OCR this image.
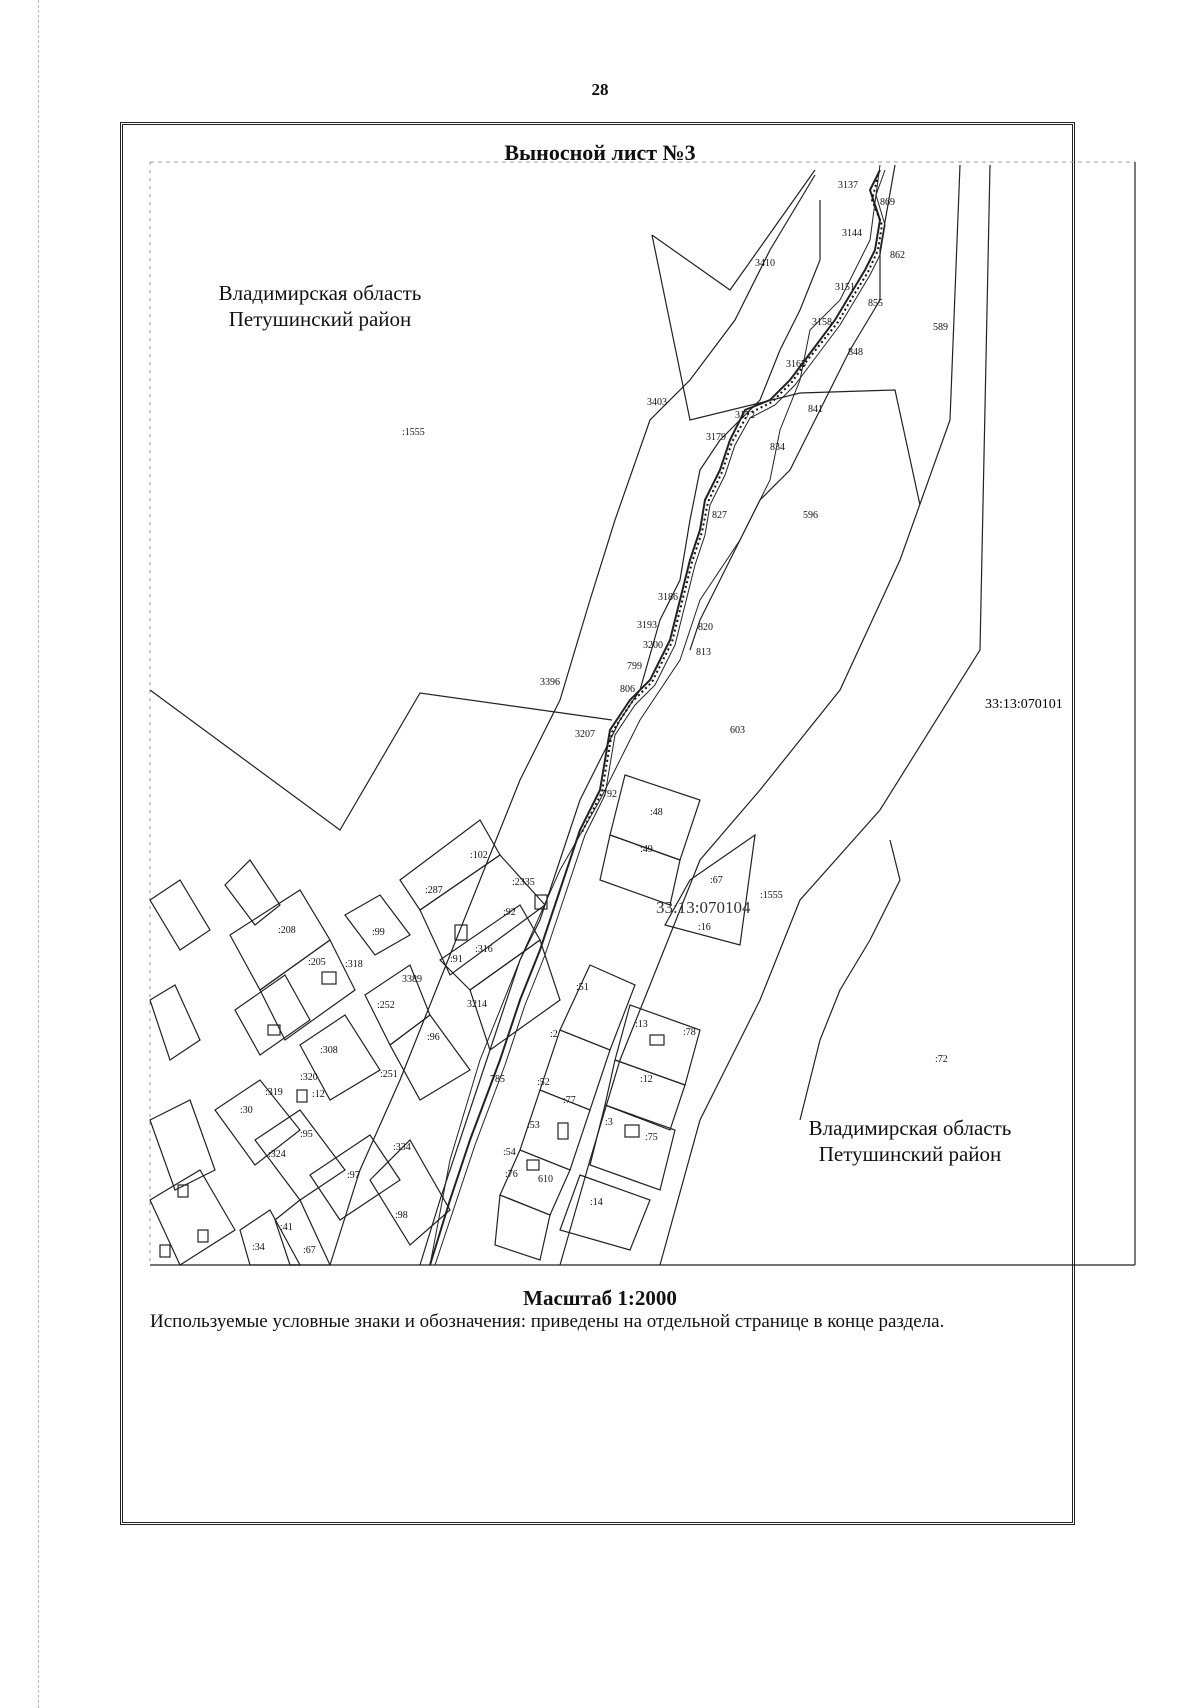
28
33:13:070101
33:13:070104
3137
869
3144
862
3410
3151
855
3158
848
589
3165
3403
841
3172
3179
834
827	596
3186
3193	820
3200
813
799
806
3396
3207	603
792
3389
3214
785
610
:1555
:1555
:72
:102
:287
:2335
:92
:99
:208
:205 :318	:91
:316
:252
:96
:308
:251
:320
:12
:319
:30
:95
:324
:334
:97
:98
:41
:34	:67
:48
:49
:67
:16
:51
:2
:52
:77
:53
:54
:76
:13
:78
:12
:3
:75
:14
Выносной лист №3
Владимирская область
Петушинский район
Владимирская область
Петушинский район
Масштаб 1:2000
Используемые условные знаки и обозначения: приведены на отдельной странице в конце раздела.
